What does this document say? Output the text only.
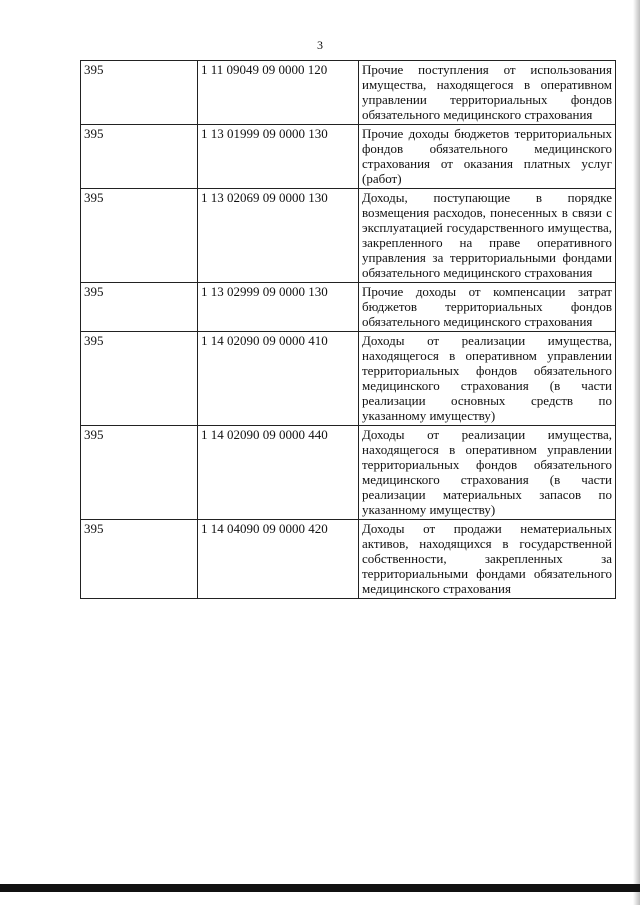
3
395	1 11 09049 09 0000 120	Прочие поступления от использования имущества, находящегося в оперативном управлении территориальных фондов обязательного медицинского страхования
395	1 13 01999 09 0000 130	Прочие доходы бюджетов территориальных фондов обязательного медицинского страхования от оказания платных услуг (работ)
395	1 13 02069 09 0000 130	Доходы, поступающие в порядке возмещения расходов, понесенных в связи с эксплуатацией государственного имущества, закрепленного на праве оперативного управления за территориальными фондами обязательного медицинского страхования
395	1 13 02999 09 0000 130	Прочие доходы от компенсации затрат бюджетов территориальных фондов обязательного медицинского страхования
395	1 14 02090 09 0000 410	Доходы от реализации имущества, находящегося в оперативном управлении территориальных фондов обязательного медицинского страхования (в части реализации основных средств по указанному имуществу)
395	1 14 02090 09 0000 440	Доходы от реализации имущества, находящегося в оперативном управлении территориальных фондов обязательного медицинского страхования (в части реализации материальных запасов по указанному имуществу)
395	1 14 04090 09 0000 420	Доходы от продажи нематериальных активов, находящихся в государственной собственности, закрепленных за территориальными фондами обязательного медицинского страхования
